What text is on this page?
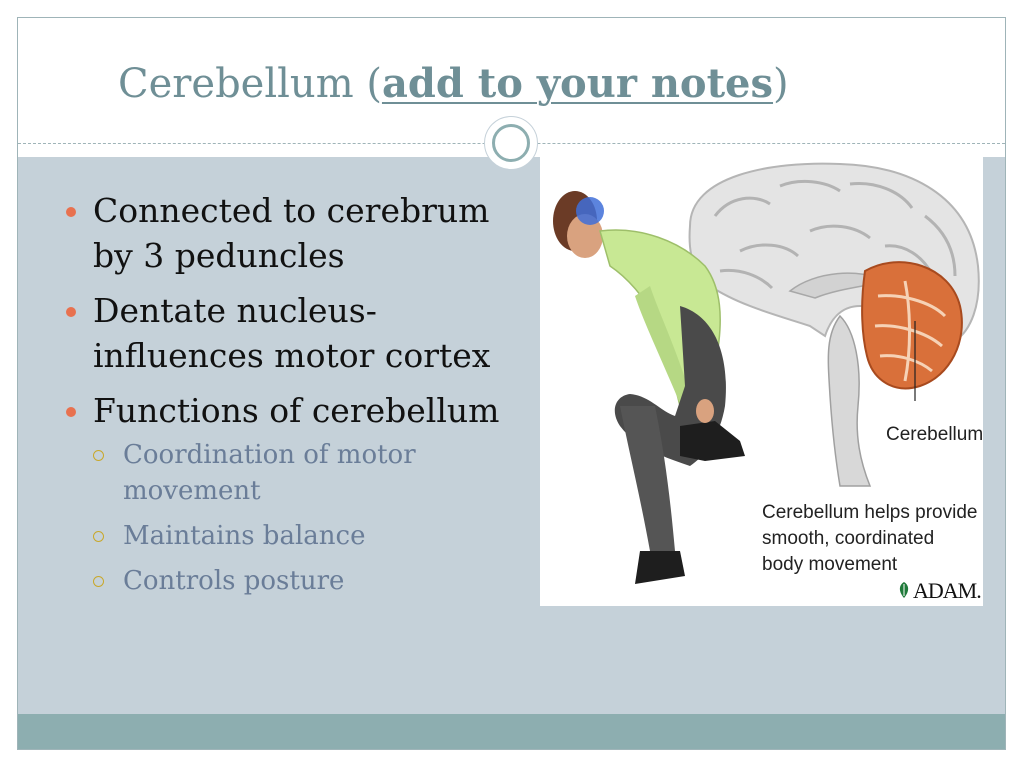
Cerebellum (add to your notes)
Connected to cerebrum by 3 peduncles
Dentate nucleus- influences motor cortex
Functions of cerebellum
Coordination of motor movement
Maintains balance
Controls posture
Cerebellum
Cerebellum helps provide
smooth, coordinated
body movement
ADAM.
